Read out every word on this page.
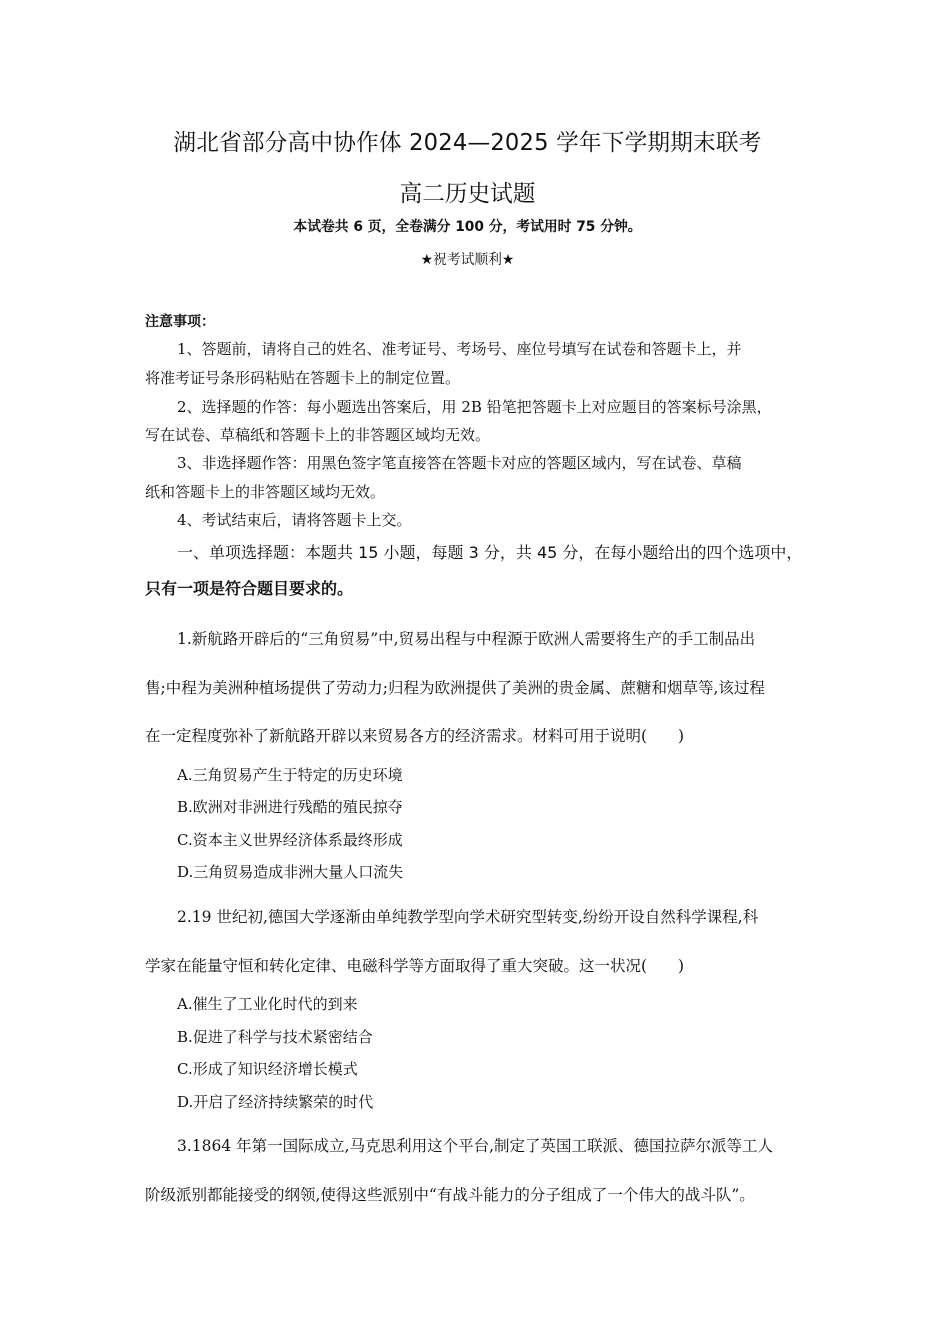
湖北省部分高中协作体 2024—2025 学年下学期期末联考
高二历史试题
本试卷共 6 页，全卷满分 100 分，考试用时 75 分钟。
★祝考试顺利★
注意事项：
1、答题前，请将自己的姓名、准考证号、考场号、座位号填写在试卷和答题卡上，并
将准考证号条形码粘贴在答题卡上的制定位置。
2、选择题的作答：每小题选出答案后，用 2B 铅笔把答题卡上对应题目的答案标号涂黑，
写在试卷、草稿纸和答题卡上的非答题区域均无效。
3、非选择题作答：用黑色签字笔直接答在答题卡对应的答题区域内，写在试卷、草稿
纸和答题卡上的非答题区域均无效。
4、考试结束后，请将答题卡上交。
一、单项选择题：本题共 15 小题，每题 3 分，共 45 分，在每小题给出的四个选项中，
只有一项是符合题目要求的。
1.新航路开辟后的“三角贸易”中,贸易出程与中程源于欧洲人需要将生产的手工制品出
售;中程为美洲种植场提供了劳动力;归程为欧洲提供了美洲的贵金属、蔗糖和烟草等,该过程
在一定程度弥补了新航路开辟以来贸易各方的经济需求。材料可用于说明(　　)
A.三角贸易产生于特定的历史环境
B.欧洲对非洲进行残酷的殖民掠夺
C.资本主义世界经济体系最终形成
D.三角贸易造成非洲大量人口流失
2.19 世纪初,德国大学逐渐由单纯教学型向学术研究型转变,纷纷开设自然科学课程,科
学家在能量守恒和转化定律、电磁科学等方面取得了重大突破。这一状况(　　)
A.催生了工业化时代的到来
B.促进了科学与技术紧密结合
C.形成了知识经济增长模式
D.开启了经济持续繁荣的时代
3.1864 年第一国际成立,马克思利用这个平台,制定了英国工联派、德国拉萨尔派等工人
阶级派别都能接受的纲领,使得这些派别中“有战斗能力的分子组成了一个伟大的战斗队”。
